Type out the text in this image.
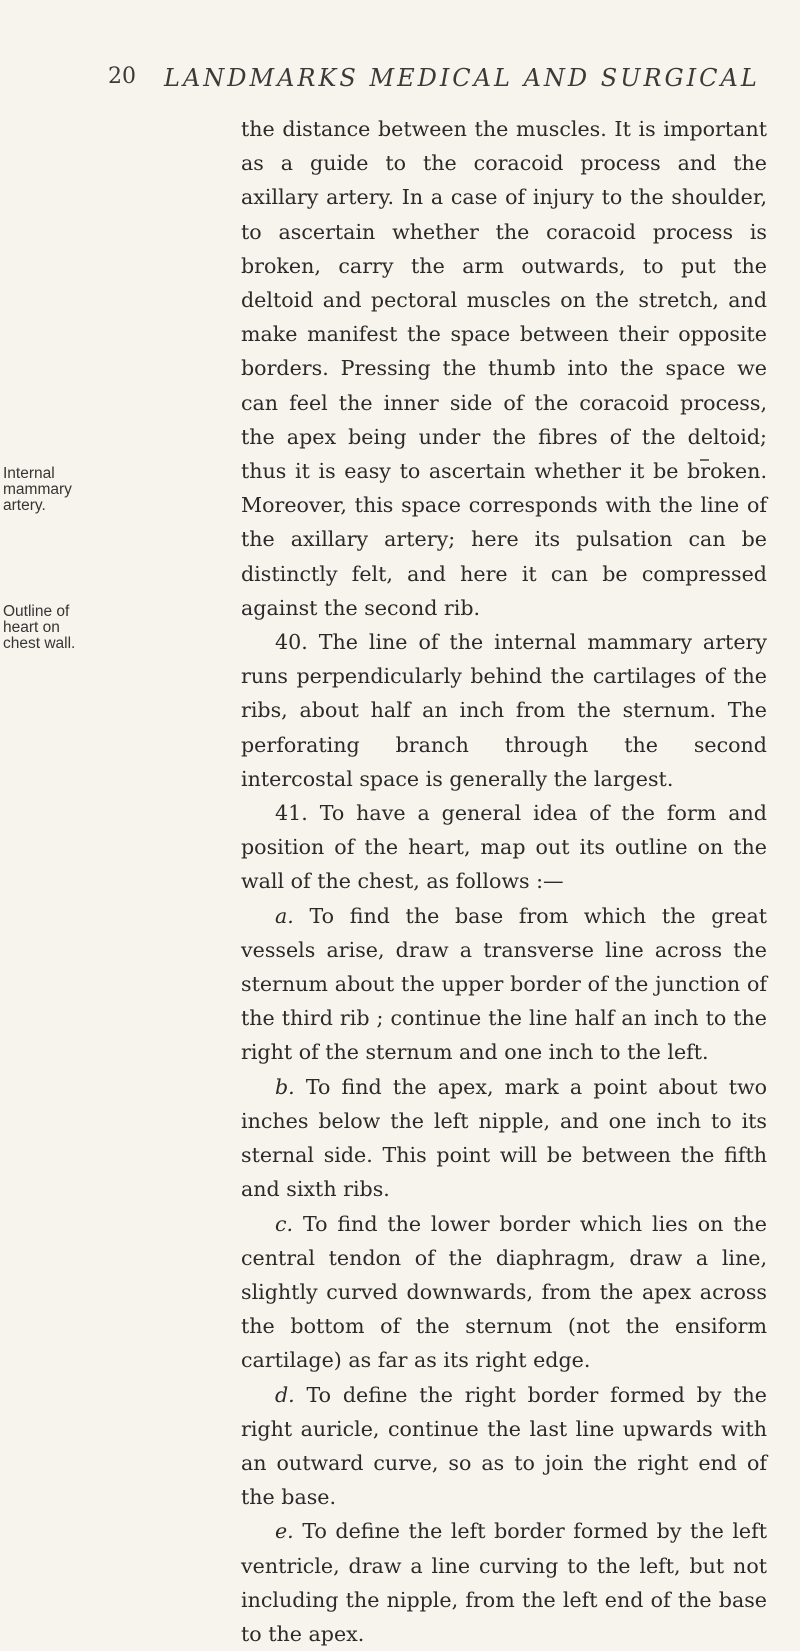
20 LANDMARKS MEDICAL AND SURGICAL
Internal
mammary
artery.
Outline of
heart on
chest wall.

the distance between the muscles. It is important as a guide to the coracoid process and the axillary artery. In a case of injury to the shoulder, to ascertain whether the coracoid process is broken, carry the arm outwards, to put the deltoid and pectoral muscles on the stretch, and make manifest the space between their opposite borders. Pressing the thumb into the space we can feel the inner side of the coracoid process, the apex being under the fibres of the deltoid; thus it is easy to ascertain whether it be broken. Moreover, this space corresponds with the line of the axillary artery; here its pulsation can be distinctly felt, and here it can be compressed against the second rib.

40. The line of the internal mammary artery runs perpendicularly behind the cartilages of the ribs, about half an inch from the sternum. The perforating branch through the second intercostal space is generally the largest.

41. To have a general idea of the form and position of the heart, map out its outline on the wall of the chest, as follows :—

a. To find the base from which the great vessels arise, draw a transverse line across the sternum about the upper border of the junction of the third rib ; continue the line half an inch to the right of the sternum and one inch to the left.

b. To find the apex, mark a point about two inches below the left nipple, and one inch to its sternal side. This point will be between the fifth and sixth ribs.

c. To find the lower border which lies on the central tendon of the diaphragm, draw a line, slightly curved downwards, from the apex across the bottom of the sternum (not the ensiform cartilage) as far as its right edge.

d. To define the right border formed by the right auricle, continue the last line upwards with an outward curve, so as to join the right end of the base.

e. To define the left border formed by the left ventricle, draw a line curving to the left, but not including the nipple, from the left end of the base to the apex.
